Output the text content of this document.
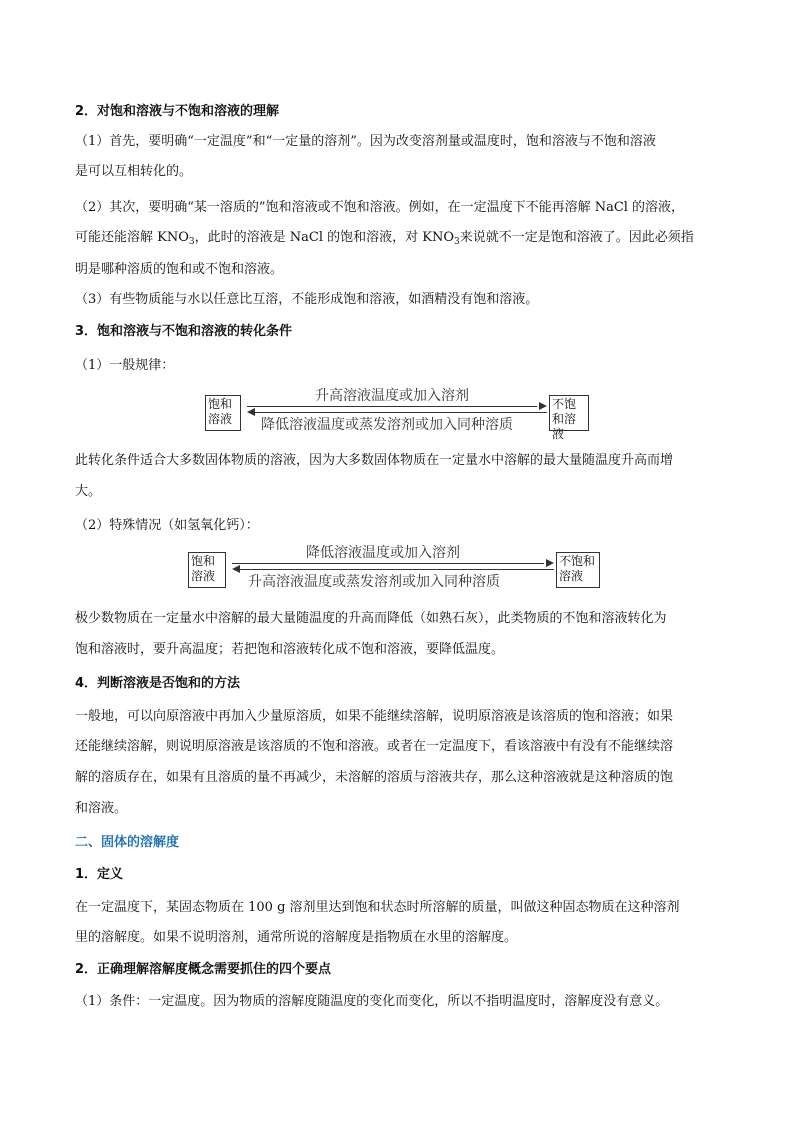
2．对饱和溶液与不饱和溶液的理解
（1）首先，要明确“一定温度”和“一定量的溶剂”。因为改变溶剂量或温度时，饱和溶液与不饱和溶液
是可以互相转化的。
（2）其次，要明确“某一溶质的”饱和溶液或不饱和溶液。例如，在一定温度下不能再溶解 NaCl 的溶液，
可能还能溶解 $KNO_3$，此时的溶液是 NaCl 的饱和溶液，对 $KNO_3$来说就不一定是饱和溶液了。因此必须指
明是哪种溶质的饱和或不饱和溶液。
（3）有些物质能与水以任意比互溶，不能形成饱和溶液，如酒精没有饱和溶液。
3．饱和溶液与不饱和溶液的转化条件
（1）一般规律：
饱和溶液
不饱和溶液
升高溶液温度或加入溶剂
降低溶液温度或蒸发溶剂或加入同种溶质
此转化条件适合大多数固体物质的溶液，因为大多数固体物质在一定量水中溶解的最大量随温度升高而增
大。
（2）特殊情况（如氢氧化钙）：
饱和溶液
不饱和溶液
降低溶液温度或加入溶剂
升高溶液温度或蒸发溶剂或加入同种溶质
极少数物质在一定量水中溶解的最大量随温度的升高而降低（如熟石灰），此类物质的不饱和溶液转化为
饱和溶液时，要升高温度；若把饱和溶液转化成不饱和溶液，要降低温度。
4．判断溶液是否饱和的方法
一般地，可以向原溶液中再加入少量原溶质，如果不能继续溶解，说明原溶液是该溶质的饱和溶液；如果
还能继续溶解，则说明原溶液是该溶质的不饱和溶液。或者在一定温度下，看该溶液中有没有不能继续溶
解的溶质存在，如果有且溶质的量不再减少，未溶解的溶质与溶液共存，那么这种溶液就是这种溶质的饱
和溶液。
二、固体的溶解度
1．定义
在一定温度下，某固态物质在 100 g 溶剂里达到饱和状态时所溶解的质量，叫做这种固态物质在这种溶剂
里的溶解度。如果不说明溶剂，通常所说的溶解度是指物质在水里的溶解度。
2．正确理解溶解度概念需要抓住的四个要点
（1）条件：一定温度。因为物质的溶解度随温度的变化而变化，所以不指明温度时，溶解度没有意义。
